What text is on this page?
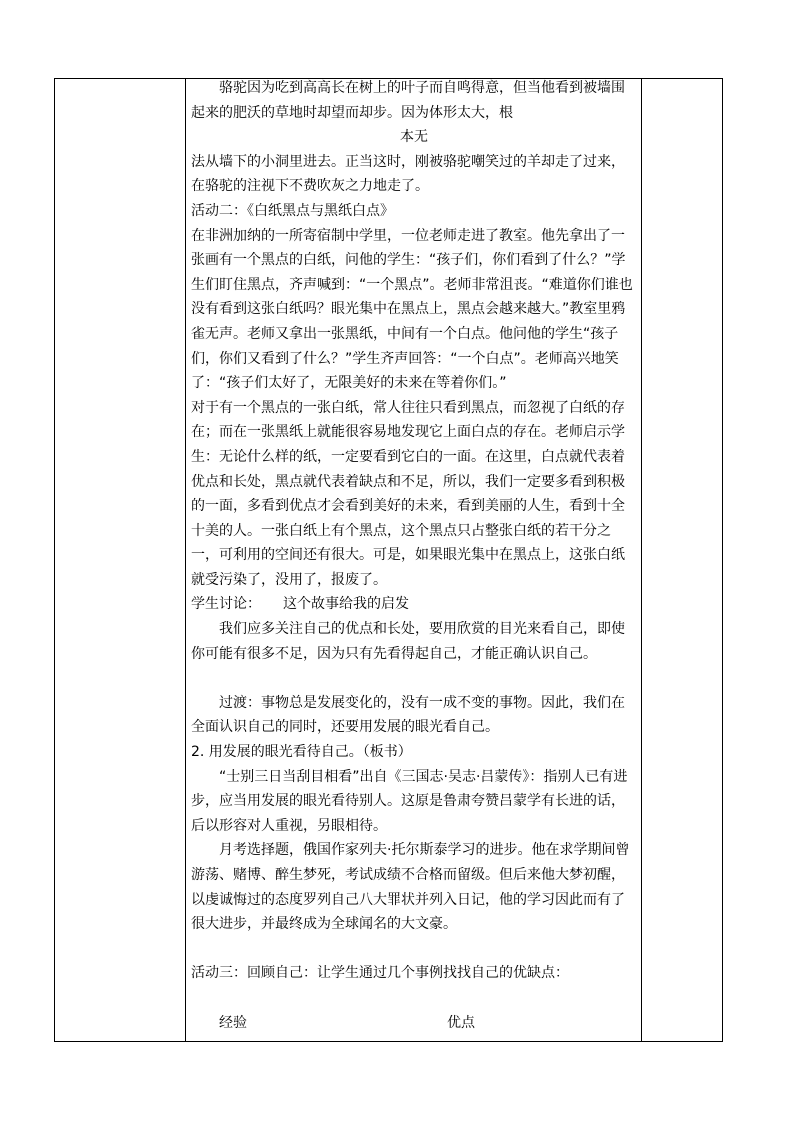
骆驼因为吃到高高长在树上的叶子而自鸣得意，但当他看到被墙围起来的肥沃的草地时却望而却步。因为体形太大，根

本无

法从墙下的小洞里进去。正当这时，刚被骆驼嘲笑过的羊却走了过来，在骆驼的注视下不费吹灰之力地走了。

活动二：《白纸黑点与黑纸白点》

在非洲加纳的一所寄宿制中学里，一位老师走进了教室。他先拿出了一张画有一个黑点的白纸，问他的学生：“孩子们，你们看到了什么？”学生们盯住黑点，齐声喊到：“一个黑点”。老师非常沮丧。“难道你们谁也没有看到这张白纸吗？眼光集中在黑点上，黑点会越来越大。”教室里鸦雀无声。老师又拿出一张黑纸，中间有一个白点。他问他的学生“孩子们，你们又看到了什么？”学生齐声回答：“一个白点”。老师高兴地笑了：“孩子们太好了，无限美好的未来在等着你们。”

对于有一个黑点的一张白纸，常人往往只看到黑点，而忽视了白纸的存在；而在一张黑纸上就能很容易地发现它上面白点的存在。老师启示学生：无论什么样的纸，一定要看到它白的一面。在这里，白点就代表着优点和长处，黑点就代表着缺点和不足，所以，我们一定要多看到积极的一面，多看到优点才会看到美好的未来，看到美丽的人生，看到十全十美的人。一张白纸上有个黑点，这个黑点只占整张白纸的若干分之一，可利用的空间还有很大。可是，如果眼光集中在黑点上，这张白纸就受污染了，没用了，报废了。

学生讨论： 这个故事给我的启发

我们应多关注自己的优点和长处，要用欣赏的目光来看自己，即使你可能有很多不足，因为只有先看得起自己，才能正确认识自己。

过渡：事物总是发展变化的，没有一成不变的事物。因此，我们在全面认识自己的同时，还要用发展的眼光看自己。

2. 用发展的眼光看待自己。（板书）

“士别三日当刮目相看”出自《三国志·吴志·吕蒙传》：指别人已有进步，应当用发展的眼光看待别人。这原是鲁肃夸赞吕蒙学有长进的话，后以形容对人重视，另眼相待。

月考选择题，俄国作家列夫·托尔斯泰学习的进步。他在求学期间曾游荡、赌博、醉生梦死，考试成绩不合格而留级。但后来他大梦初醒，以虔诚悔过的态度罗列自己八大罪状并列入日记，他的学习因此而有了很大进步，并最终成为全球闻名的大文豪。

活动三：回顾自己：让学生通过几个事例找找自己的优缺点：

经验	优点
